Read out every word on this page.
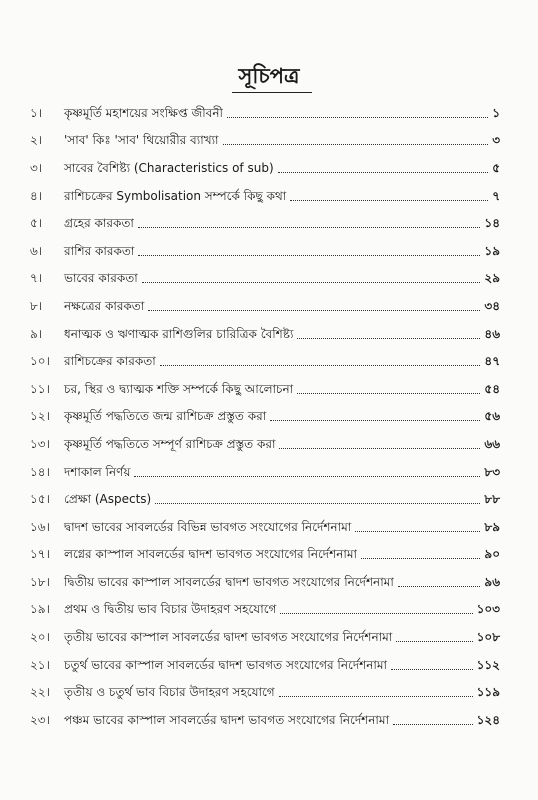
সূচিপত্র
১।	কৃষ্ণমূর্তি মহাশয়ের সংক্ষিপ্ত জীবনী	১
২।	'সাব' কিঃ 'সাব' থিয়োরীর ব্যাখ্যা	৩
৩।	সাবের বৈশিষ্ট্য (Characteristics of sub)	৫
৪।	রাশিচক্রের Symbolisation সম্পর্কে কিছু কথা	৭
৫।	গ্রহের কারকতা	১৪
৬।	রাশির কারকতা	১৯
৭।	ভাবের কারকতা	২৯
৮।	নক্ষত্রের কারকতা	৩৪
৯।	ধনাত্মক ও ঋণাত্মক রাশিগুলির চারিত্রিক বৈশিষ্ট্য	৪৬
১০।	রাশিচক্রের কারকতা	৪৭
১১।	চর, স্থির ও দ্ব্যাত্মক শক্তি সম্পর্কে কিছু আলোচনা	৫৪
১২।	কৃষ্ণমূর্তি পদ্ধতিতে জন্ম রাশিচক্র প্রস্তুত করা	৫৬
১৩।	কৃষ্ণমূর্তি পদ্ধতিতে সম্পূর্ণ রাশিচক্র প্রস্তুত করা	৬৬
১৪।	দশাকাল নির্ণয়	৮৩
১৫।	প্রেক্ষা (Aspects)	৮৮
১৬।	দ্বাদশ ভাবের সাবলর্ডের বিভিন্ন ভাবগত সংযোগের নির্দেশনামা	৮৯
১৭।	লগ্নের কাস্পাল সাবলর্ডের দ্বাদশ ভাবগত সংযোগের নির্দেশনামা	৯০
১৮।	দ্বিতীয় ভাবের কাস্পাল সাবলর্ডের দ্বাদশ ভাবগত সংযোগের নির্দেশনামা	৯৬
১৯।	প্রথম ও দ্বিতীয় ভাব বিচার উদাহরণ সহযোগে	১০৩
২০।	তৃতীয় ভাবের কাস্পাল সাবলর্ডের দ্বাদশ ভাবগত সংযোগের নির্দেশনামা	১০৮
২১।	চতুর্থ ভাবের কাস্পাল সাবলর্ডের দ্বাদশ ভাবগত সংযোগের নির্দেশনামা	১১২
২২।	তৃতীয় ও চতুর্থ ভাব বিচার উদাহরণ সহযোগে	১১৯
২৩।	পঞ্চম ভাবের কাস্পাল সাবলর্ডের দ্বাদশ ভাবগত সংযোগের নির্দেশনামা	১২৪
